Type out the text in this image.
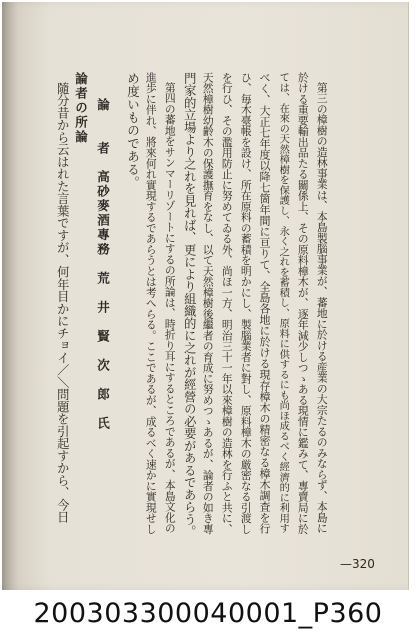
第三の樟樹の造林事業は、本島製腦事業が、蕃地に於ける産業の大宗たるのみならず、本島に
於ける重要輸出品たる關係上、その原料樟木が、逐年減少しつゝある現情に鑑みて、專賣局に於
ては、在來の天然樟樹を保護し、永く之れを蓄積し、原料に供するにも尚ほ成るべく經濟的に利用す
べく、大正七年度以降七箇年間に亘りて、全島各地に於ける現存樟木の精密なる樟木調査を行
ひ、毎木臺帳を設け、所在原料の蓄積を明かにし、製腦業者に對し、原料樟木の厳密なる引渡し
を行ひ、その濫用防止に努めてゐる外、尚ほ一方、明治三十一年以來樟樹の造林を行ふと共に、
天然樟樹幼齢木の保護撫育をなし、以て天然樟樹後繼者の育成に努めつゝあるが、論者の如き專
門家的立場より之れを見れば、更により組織的に之れが經營の必要があるであらう。
第四の蕃地をサンマーリゾートにするの所論は、時折り耳にするところであるが、本島文化の
進歩に伴れ、將來何れ實現するであらうとは考へらる。ここであるが、成るべく速かに實現せし
め度いものである。
論　　者
高砂麥酒專務　荒　井　賢　次　郎　氏
論者の所論
隨分昔から云はれた言葉ですが、何年目かにチョイ／＼問題を引起すから、今日
—320
200303300040001_P360
